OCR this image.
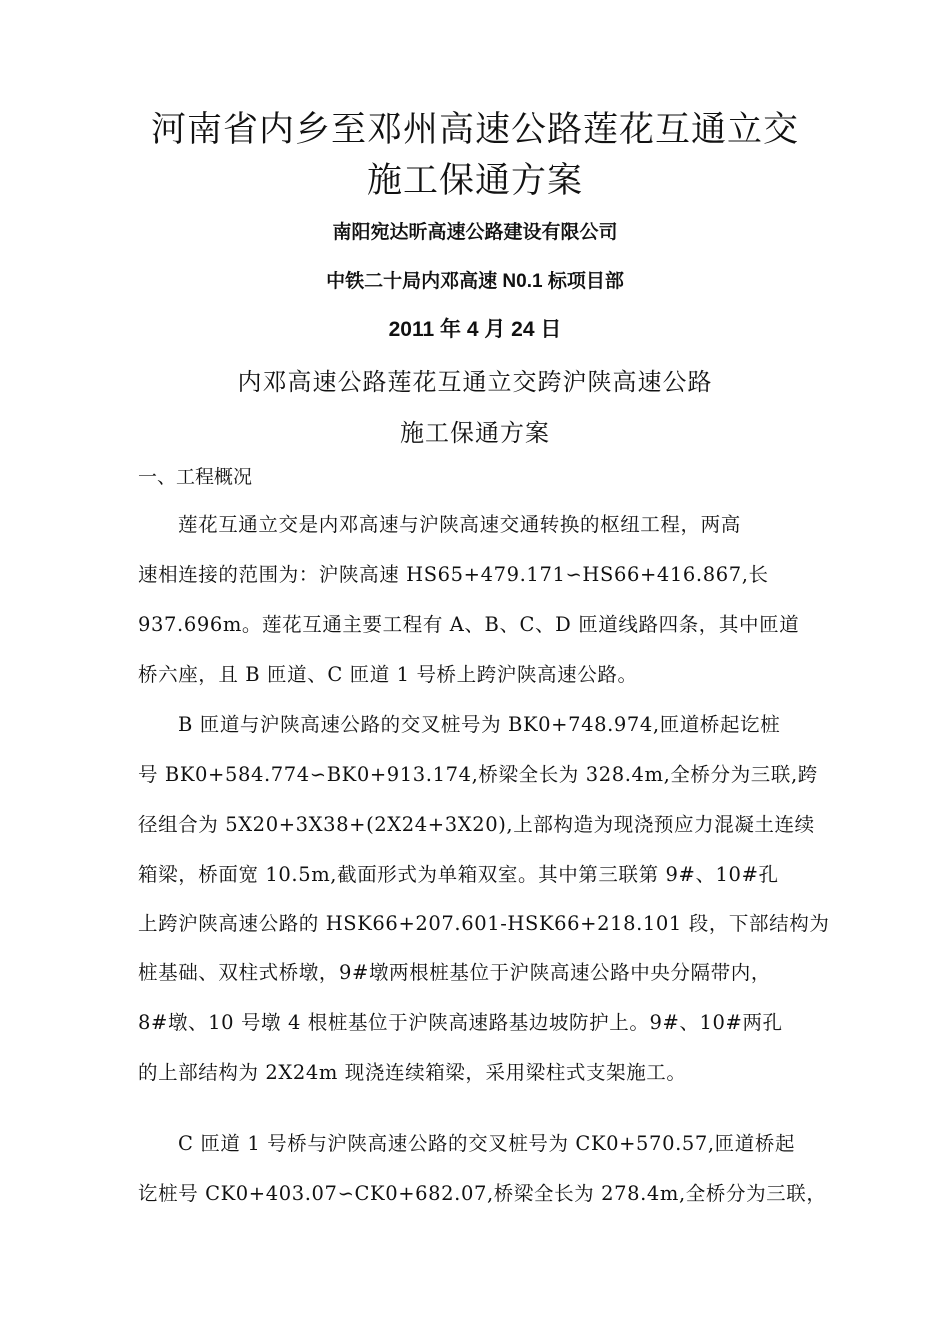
河南省内乡至邓州高速公路莲花互通立交
施工保通方案
南阳宛达昕高速公路建设有限公司
中铁二十局内邓高速 N0.1 标项目部
2011 年 4 月 24 日
内邓高速公路莲花互通立交跨沪陕高速公路
施工保通方案
一、工程概况
莲花互通立交是内邓高速与沪陕高速交通转换的枢纽工程，两高
速相连接的范围为：沪陕高速 HS65+479.171∽HS66+416.867,长
937.696m。莲花互通主要工程有 A、B、C、D 匝道线路四条，其中匝道
桥六座，且 B 匝道、C 匝道 1 号桥上跨沪陕高速公路。
B 匝道与沪陕高速公路的交叉桩号为 BK0+748.974,匝道桥起讫桩
号 BK0+584.774∽BK0+913.174,桥梁全长为 328.4m,全桥分为三联,跨
径组合为 5X20+3X38+(2X24+3X20),上部构造为现浇预应力混凝土连续
箱梁，桥面宽 10.5m,截面形式为单箱双室。其中第三联第 9#、10#孔
上跨沪陕高速公路的 HSK66+207.601-HSK66+218.101 段，下部结构为
桩基础、双柱式桥墩，9#墩两根桩基位于沪陕高速公路中央分隔带内，
8#墩、10 号墩 4 根桩基位于沪陕高速路基边坡防护上。9#、10#两孔
的上部结构为 2X24m 现浇连续箱梁，采用梁柱式支架施工。
C 匝道 1 号桥与沪陕高速公路的交叉桩号为 CK0+570.57,匝道桥起
讫桩号 CK0+403.07∽CK0+682.07,桥梁全长为 278.4m,全桥分为三联，
